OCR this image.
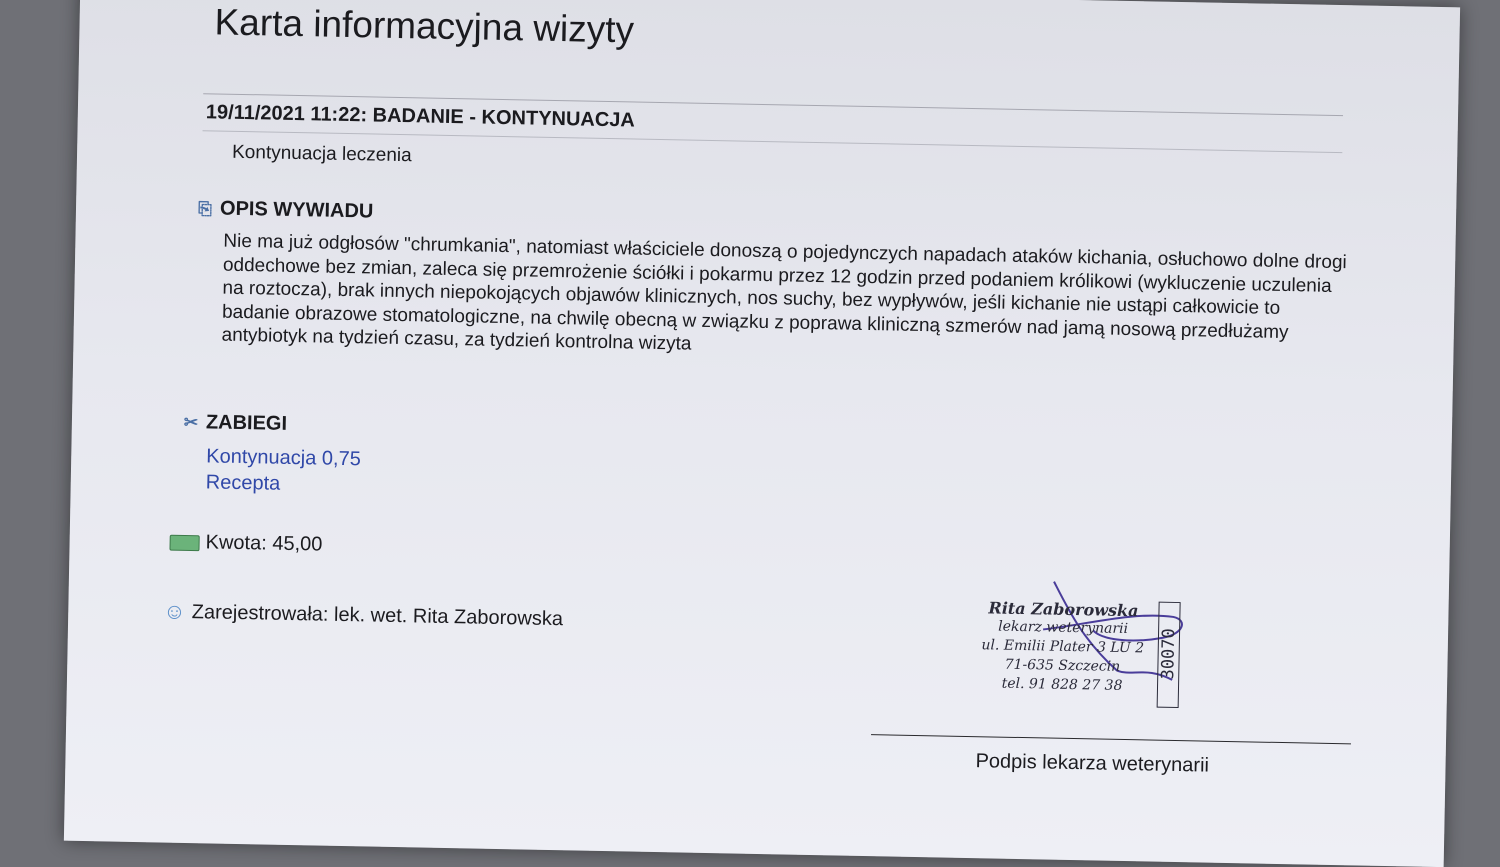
Karta informacyjna wizyty
19/11/2021 11:22: BADANIE - KONTYNUACJA
Kontynuacja leczenia
⎘ OPIS WYWIADU
Nie ma już odgłosów "chrumkania", natomiast właściciele donoszą o pojedynczych napadach ataków kichania, osłuchowo dolne drogi oddechowe bez zmian, zaleca się przemrożenie ściółki i pokarmu przez 12 godzin przed podaniem królikowi (wykluczenie uczulenia na roztocza), brak innych niepokojących objawów klinicznych, nos suchy, bez wypływów, jeśli kichanie nie ustąpi całkowicie to badanie obrazowe stomatologiczne, na chwilę obecną w związku z poprawa kliniczną szmerów nad jamą nosową przedłużamy antybiotyk na tydzień czasu, za tydzień kontrolna wizyta
✂ ZABIEGI
Kontynuacja 0,75
Recepta
Kwota: 45,00
☺ Zarejestrowała: lek. wet. Rita Zaborowska	Rita Zaborowska
lekarz weterynarii
ul. Emilii Plater 3 LU 2
71-635 Szczecin
tel. 91 828 27 38
30070
Podpis lekarza weterynarii
